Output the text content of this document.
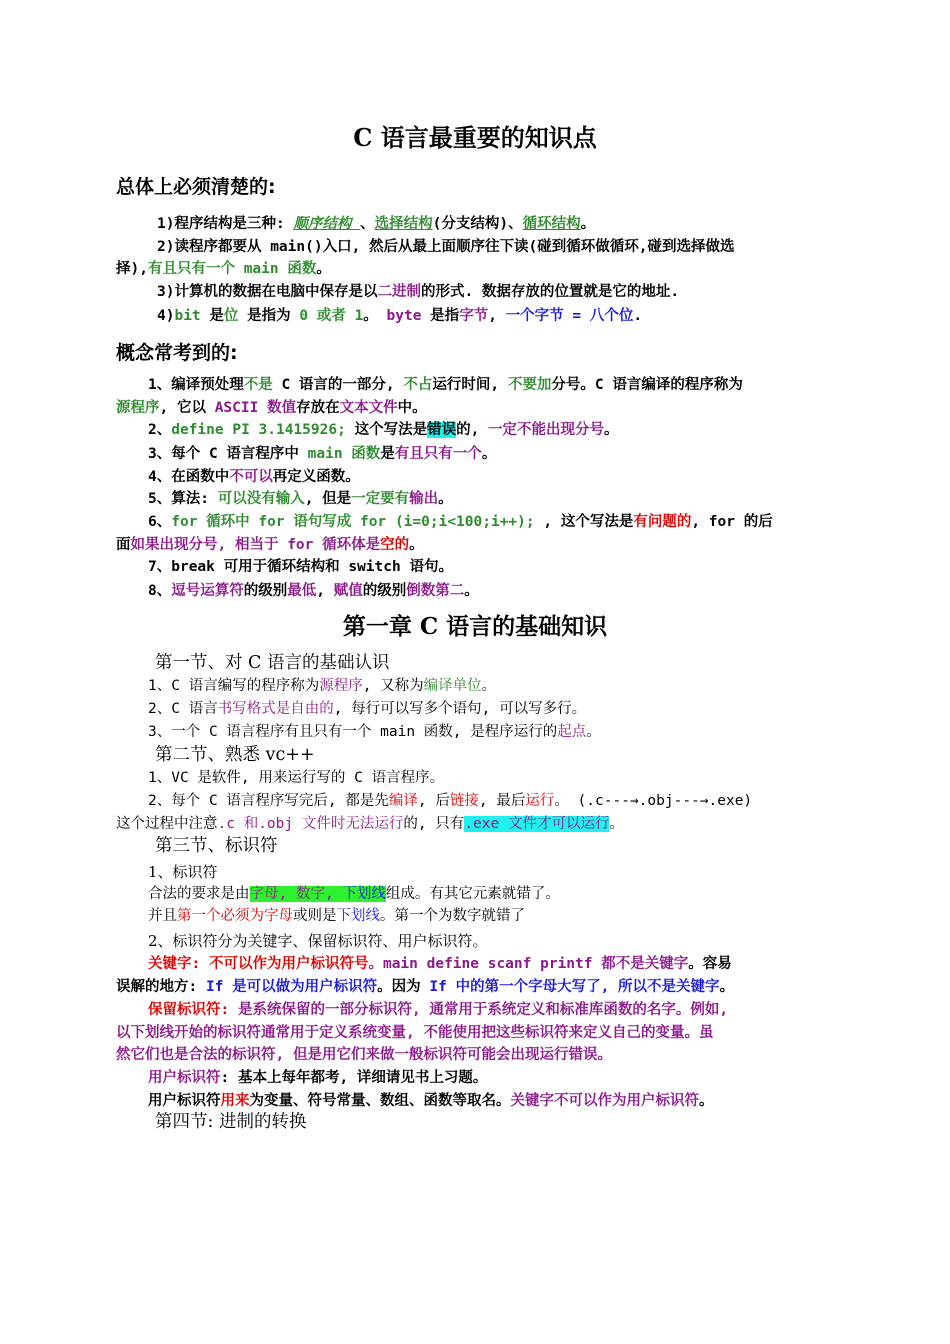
C 语言最重要的知识点
总体上必须清楚的:
1)程序结构是三种: 顺序结构 、选择结构(分支结构)、循环结构。
2)读程序都要从 main()入口, 然后从最上面顺序往下读(碰到循环做循环,碰到选择做选
择),有且只有一个 main 函数。
3)计算机的数据在电脑中保存是以二进制的形式. 数据存放的位置就是它的地址.
4)bit 是位 是指为 0 或者 1。 byte 是指字节, 一个字节 = 八个位.
概念常考到的:
1、编译预处理不是 C 语言的一部分, 不占运行时间, 不要加分号。C 语言编译的程序称为
源程序, 它以 ASCII 数值存放在文本文件中。
2、define PI 3.1415926; 这个写法是错误的, 一定不能出现分号。
3、每个 C 语言程序中 main 函数是有且只有一个。
4、在函数中不可以再定义函数。
5、算法: 可以没有输入, 但是一定要有输出。
6、for 循环中 for 语句写成 for (i=0;i<100;i++); , 这个写法是有问题的, for 的后
面如果出现分号, 相当于 for 循环体是空的。
7、break 可用于循环结构和 switch 语句。
8、逗号运算符的级别最低, 赋值的级别倒数第二。
第一章 C 语言的基础知识
第一节、对 C 语言的基础认识
1、C 语言编写的程序称为源程序, 又称为编译单位。
2、C 语言书写格式是自由的, 每行可以写多个语句, 可以写多行。
3、一个 C 语言程序有且只有一个 main 函数, 是程序运行的起点。
第二节、熟悉 vc++
1、VC 是软件, 用来运行写的 C 语言程序。
2、每个 C 语言程序写完后, 都是先编译, 后链接, 最后运行。 (.c---→.obj---→.exe)
这个过程中注意.c 和.obj 文件时无法运行的, 只有.exe 文件才可以运行。
第三节、标识符
1、标识符
合法的要求是由字母, 数字, 下划线组成。有其它元素就错了。
并且第一个必须为字母或则是下划线。第一个为数字就错了
2、标识符分为关键字、保留标识符、用户标识符。
关键字: 不可以作为用户标识符号。main define scanf printf 都不是关键字。容易
误解的地方: If 是可以做为用户标识符。因为 If 中的第一个字母大写了, 所以不是关键字。
保留标识符: 是系统保留的一部分标识符, 通常用于系统定义和标准库函数的名字。例如,
以下划线开始的标识符通常用于定义系统变量, 不能使用把这些标识符来定义自己的变量。虽
然它们也是合法的标识符, 但是用它们来做一般标识符可能会出现运行错误。
用户标识符: 基本上每年都考, 详细请见书上习题。
用户标识符用来为变量、符号常量、数组、函数等取名。关键字不可以作为用户标识符。
第四节: 进制的转换
